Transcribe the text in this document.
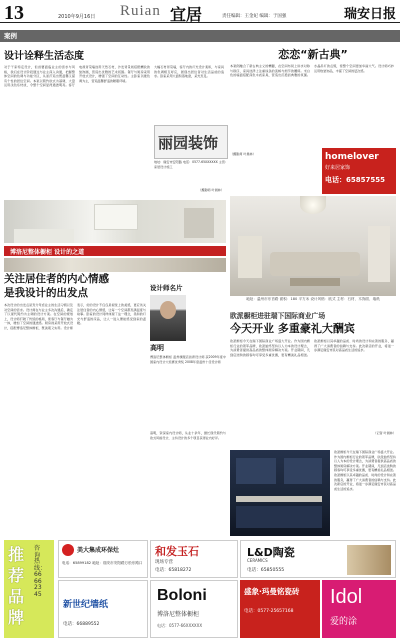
13	Ruian 宜居
2010年9月16日	责任编辑：王金妃 编辑：于国强	瑞安日报
案例
设计诠释生活态度
对于干家特定设计，但首要面临业主的需求与风格，我们在设计阶段通过与业主深入沟通，把握整体空间的色调与功能分区，从而打造出既温馨又富有个性的居住空间。本案以简约欧式为基调，大量运用浅色系材质，令整个空间显得通透明亮。客厅电视背景墙选用天然石材，沙发背景则搭配精致的装饰画，营造出优雅的艺术氛围。餐厅与厨房采用开放式设计，增强了空间的互动性。主卧室以暖色调为主，营造温馨舒适的睡眠环境。
大幅石材背景墙，客厅内的灯光设计柔和，与家具的色调相互呼应，展现出居住者对生活品质的追求。卧室采用大面积落地窗，采光充足。
（摄影师 叶晨林）
丽园装饰
地址：瑞安市安阳路 电话：0577-65XXXXXX 主营：家居设计施工
恋恋“新古典”
本案例融合了新古典主义的精髓，在空间布局上讲求对称与秩序，家具选择上注重线条的流畅与细节的雕琢。米白色的墙面搭配深色木质家具，营造出沉稳而典雅的氛围。水晶吊灯的点缀，使整个空间更加华丽大气。设计师巧妙运用软装饰品，丰富了空间的层次感。
（摄影师 叶晨林）	homelover
好来居家饰
电话：65857555
地址：温州市东首路 面积：180 平方米 设计风格：欧式 主材：石材、木饰面、墙纸
博洛尼整体橱柜 设计的之道
关注居住者的内心情感
是我设计的出发点
本次设计的出发点是充分考虑业主的生活习惯以及对空间的需求。设计师在与业主多次沟通后，确定了以现代简约为主调的设计方案。在空间的规划上，设计师打破了传统的格局，使客厅与餐厅融为一体，增加了空间的通透感。厨房则采用开放式设计，搭配博洛尼整体橱柜，既美观又实用。设计师表示，好的设计不仅仅是视觉上的美感，更应该关注居住者的内心情感，让每一个空间都充满温度与故事。卧室的设计同样体现了这一理念，柔和的灯光与舒适的床品，让人一进入便能感受到家的温暖。
设计师名片
高明
博洛尼整体橱柜 温州旗舰店首席设计师 获2009年度中国室内设计大奖赛优秀奖 2008年度温州十佳设计师
高明，资深室内设计师，从业十余年，擅长现代简约与欧式风格设计，主持设计的多个项目获得业内好评。
欧派橱柜进驻瑞下国际商业广场
今天开业 多重豪礼大酬宾
欧派橱柜今天在瑞下国际商业广场盛大开业。作为国内橱柜行业的领军品牌，欧派始终坚持以人为本的设计理念，为消费者提供高品质的整体厨房解决方案。开业期间，凡到店选购的顾客均可享受多重优惠，更有精美礼品相送。欧派橱柜以其卓越的品质、时尚的设计和完善的服务，赢得了广大消费者的信赖与支持。此次新店的开业，将进一步满足瑞安市民对高品质生活的追求。
（记者 叶晨林）
欧派橱柜今天在瑞下国际商业广场盛大开业。作为国内橱柜行业的领军品牌，欧派始终坚持以人为本的设计理念，为消费者提供高品质的整体厨房解决方案。开业期间，凡到店选购的顾客均可享受多重优惠，更有精美礼品相送。欧派橱柜以其卓越的品质、时尚的设计和完善的服务，赢得了广大消费者的信赖与支持。此次新店的开业，将进一步满足瑞安市民对高品质生活的追求。
推荐品牌
咨询热线：66662345
美大集成环保灶
电话：65899182 地址：瑞安市安阳路万松东路口
和发玉石
现场专营
电话：65818272
L&D陶瓷
CERAMICS
电话：65850555
新世纪墙纸
电话：66889552
Boloni
博洛尼整体橱柜
电话：0577-66XXXXXX
盛象·玛曼铭瓷砖
电话：0577-25657168
Idol
爱的涂
